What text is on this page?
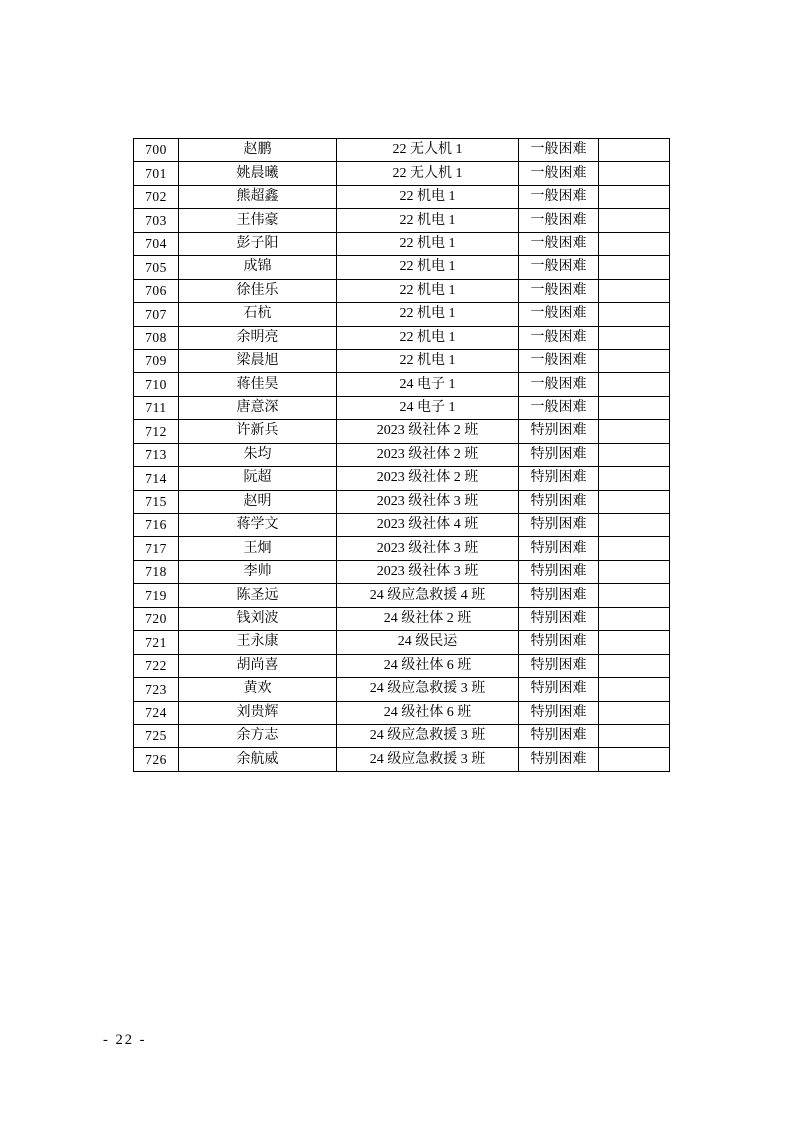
700	赵鹏	22 无人机 1	一般困难	
701	姚晨曦	22 无人机 1	一般困难	
702	熊超鑫	22 机电 1	一般困难	
703	王伟豪	22 机电 1	一般困难	
704	彭子阳	22 机电 1	一般困难	
705	成锦	22 机电 1	一般困难	
706	徐佳乐	22 机电 1	一般困难	
707	石杭	22 机电 1	一般困难	
708	余明亮	22 机电 1	一般困难	
709	梁晨旭	22 机电 1	一般困难	
710	蒋佳昊	24 电子 1	一般困难	
711	唐意深	24 电子 1	一般困难	
712	许新兵	2023 级社体 2 班	特别困难	
713	朱均	2023 级社体 2 班	特别困难	
714	阮超	2023 级社体 2 班	特别困难	
715	赵明	2023 级社体 3 班	特别困难	
716	蒋学文	2023 级社体 4 班	特别困难	
717	王炯	2023 级社体 3 班	特别困难	
718	李帅	2023 级社体 3 班	特别困难	
719	陈圣远	24 级应急救援 4 班	特别困难	
720	钱刘波	24 级社体 2 班	特别困难	
721	王永康	24 级民运	特别困难	
722	胡尚喜	24 级社体 6 班	特别困难	
723	黄欢	24 级应急救援 3 班	特别困难	
724	刘贵辉	24 级社体 6 班	特别困难	
725	余方志	24 级应急救援 3 班	特别困难	
726	余航威	24 级应急救援 3 班	特别困难	
- 22 -
